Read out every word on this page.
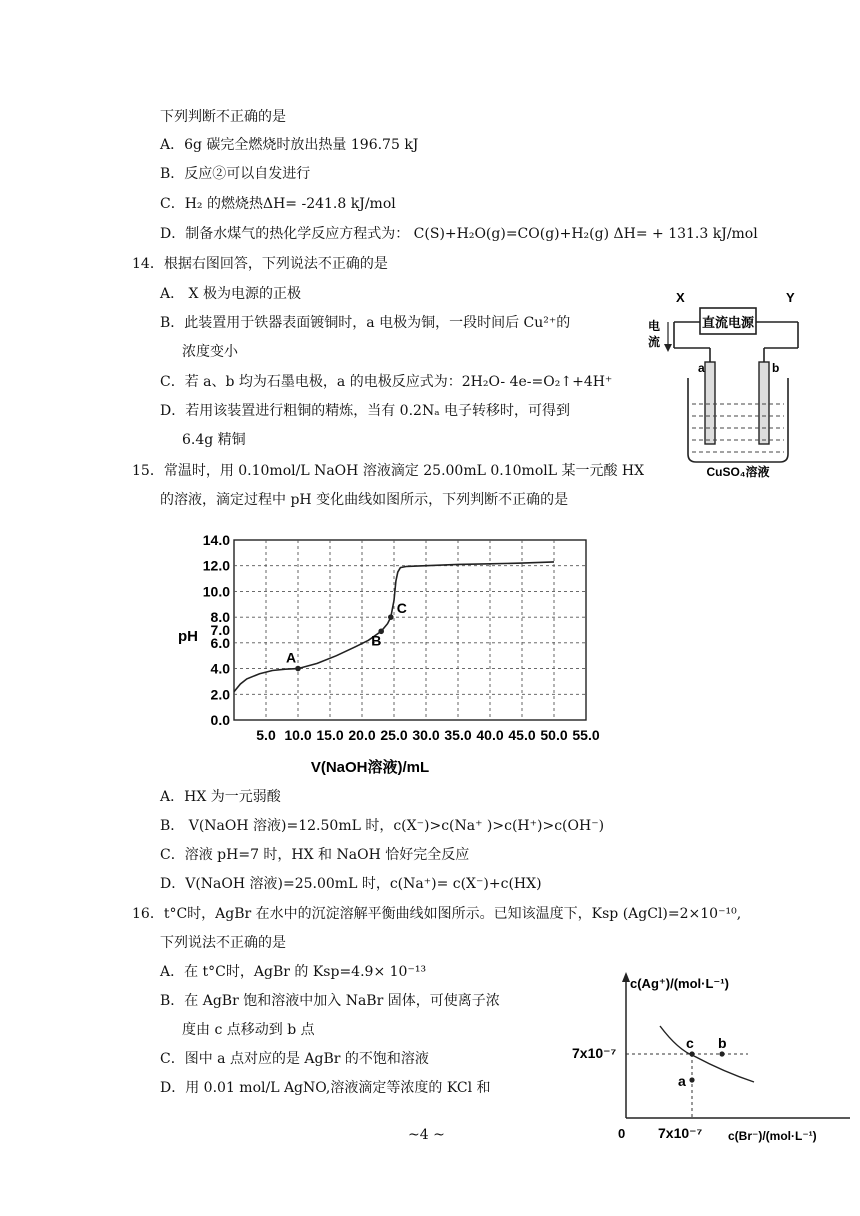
下列判断不正确的是
A．6g 碳完全燃烧时放出热量 196.75 kJ
B．反应②可以自发进行
C．H₂ 的燃烧热ΔH= -241.8 kJ/mol
D．制备水煤气的热化学反应方程式为： C(S)+H₂O(g)=CO(g)+H₂(g) ΔH= + 131.3 kJ/mol
14．根据右图回答，下列说法不正确的是
A． X 极为电源的正极
B．此装置用于铁器表面镀铜时，a 电极为铜，一段时间后 Cu²⁺的
浓度变小
C．若 a、b 均为石墨电极，a 的电极反应式为：2H₂O- 4e-=O₂↑+4H⁺
D．若用该装置进行粗铜的精炼，当有 0.2Nₐ 电子转移时，可得到
6.4g 精铜
X	Y
直流电源
电
流
a	b
CuSO₄溶液
15．常温时，用 0.10mol/L NaOH 溶液滴定 25.00mL 0.10molL 某一元酸 HX
的溶液，滴定过程中 pH 变化曲线如图所示，下列判断不正确的是
14.0
12.0
10.0
8.0
7.0
6.0
4.0
2.0
0.0
5.0 10.0 15.0 20.0 25.0 30.0 35.0 40.0 45.0 50.0 55.0
pH
V(NaOH溶液)/mL
A
B
C
A．HX 为一元弱酸
B． V(NaOH 溶液)=12.50mL 时，c(X⁻)>c(Na⁺ )>c(H⁺)>c(OH⁻)
C．溶液 pH=7 时，HX 和 NaOH 恰好完全反应
D．V(NaOH 溶液)=25.00mL 时，c(Na⁺)= c(X⁻)+c(HX)
16．t°C时，AgBr 在水中的沉淀溶解平衡曲线如图所示。已知该温度下，Ksp (AgCl)=2×10⁻¹⁰,
下列说法不正确的是
A．在 t°C时，AgBr 的 Ksp=4.9× 10⁻¹³
B．在 AgBr 饱和溶液中加入 NaBr 固体，可使离子浓
度由 c 点移动到 b 点
C．图中 a 点对应的是 AgBr 的不饱和溶液
D．用 0.01 mol/L AgNO,溶液滴定等浓度的 KCl 和
c(Ag⁺)/(mol·L⁻¹)
c(Br⁻)/(mol·L⁻¹)
0
7x10⁻⁷
7x10⁻⁷
c b
a
~4 ~
